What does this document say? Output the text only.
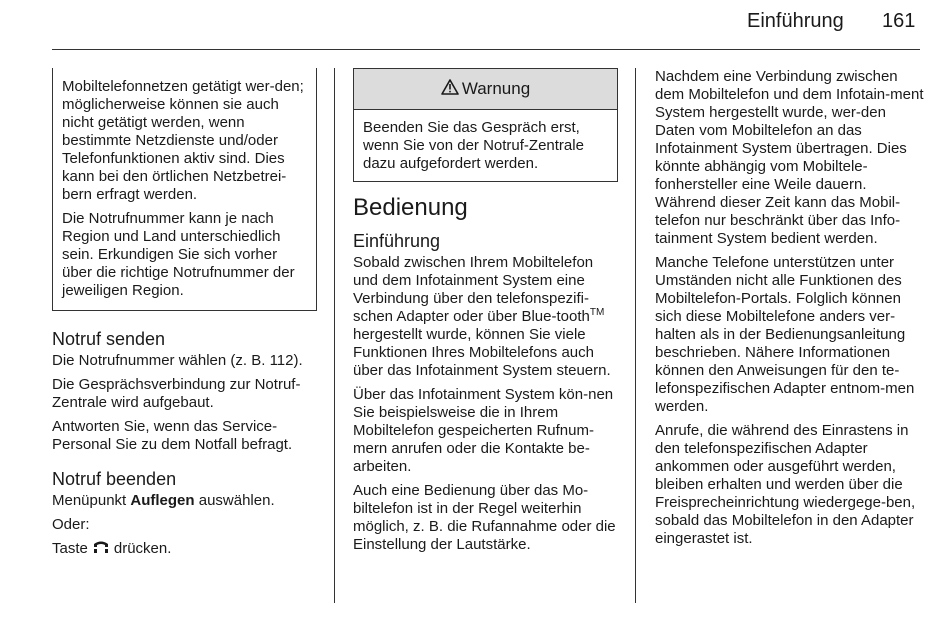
Einführung 161

Mobiltelefonnetzen getätigt wer-den; möglicherweise können sie auch nicht getätigt werden, wenn bestimmte Netzdienste und/oder Telefonfunktionen aktiv sind. Dies kann bei den örtlichen Netzbetrei-bern erfragt werden.

Die Notrufnummer kann je nach Region und Land unterschiedlich sein. Erkundigen Sie sich vorher über die richtige Notrufnummer der jeweiligen Region.

Notruf senden

Die Notrufnummer wählen (z. B. 112).

Die Gesprächsverbindung zur Notruf-Zentrale wird aufgebaut.

Antworten Sie, wenn das Service-Personal Sie zu dem Notfall befragt.

Notruf beenden

Menüpunkt Auflegen auswählen.

Oder:

Taste drücken.

Warnung
Beenden Sie das Gespräch erst, wenn Sie von der Notruf-Zentrale dazu aufgefordert werden.
Bedienung
Einführung

Sobald zwischen Ihrem Mobiltelefon und dem Infotainment System eine Verbindung über den telefonspezifi-schen Adapter oder über Blue-tooth™ hergestellt wurde, können Sie viele Funktionen Ihres Mobiltelefons auch über das Infotainment System steuern.

Über das Infotainment System kön-nen Sie beispielsweise die in Ihrem Mobiltelefon gespeicherten Rufnum-mern anrufen oder die Kontakte be-arbeiten.

Auch eine Bedienung über das Mo-biltelefon ist in der Regel weiterhin möglich, z. B. die Rufannahme oder die Einstellung der Lautstärke.

Nachdem eine Verbindung zwischen dem Mobiltelefon und dem Infotain-ment System hergestellt wurde, wer-den Daten vom Mobiltelefon an das Infotainment System übertragen. Dies könnte abhängig vom Mobiltele-fonhersteller eine Weile dauern. Während dieser Zeit kann das Mobil-telefon nur beschränkt über das Info-tainment System bedient werden.

Manche Telefone unterstützen unter Umständen nicht alle Funktionen des Mobiltelefon-Portals. Folglich können sich diese Mobiltelefone anders ver-halten als in der Bedienungsanleitung beschrieben. Nähere Informationen können den Anweisungen für den te-lefonspezifischen Adapter entnom-men werden.

Anrufe, die während des Einrastens in den telefonspezifischen Adapter ankommen oder ausgeführt werden, bleiben erhalten und werden über die Freisprecheinrichtung wiedergege-ben, sobald das Mobiltelefon in den Adapter eingerastet ist.
